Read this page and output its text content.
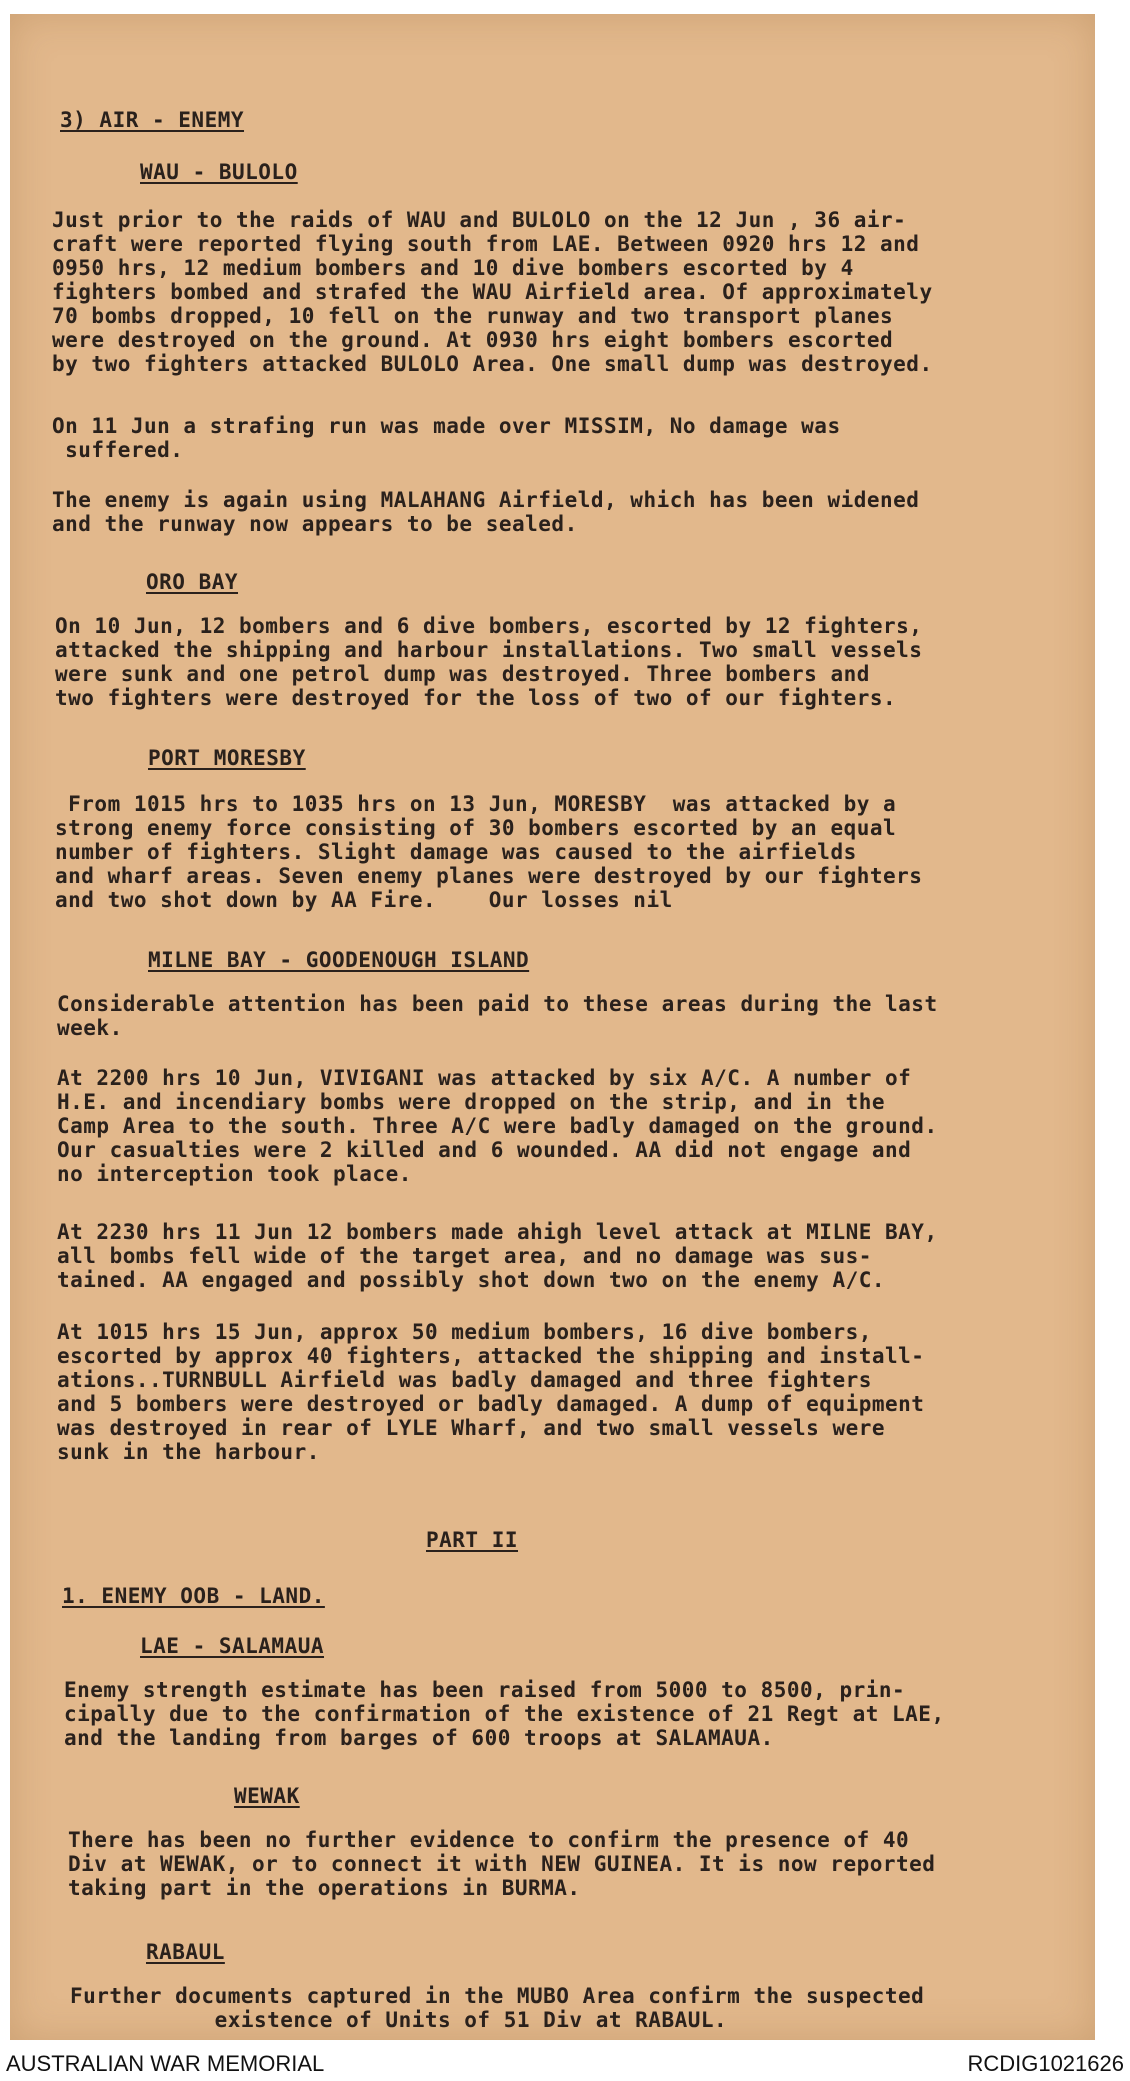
3) AIR - ENEMY
WAU - BULOLO
Just prior to the raids of WAU and BULOLO on the 12 Jun , 36 air-
craft were reported flying south from LAE. Between 0920 hrs 12 and
0950 hrs, 12 medium bombers and 10 dive bombers escorted by 4
fighters bombed and strafed the WAU Airfield area. Of approximately
70 bombs dropped, 10 fell on the runway and two transport planes
were destroyed on the ground. At 0930 hrs eight bombers escorted
by two fighters attacked BULOLO Area. One small dump was destroyed.
On 11 Jun a strafing run was made over MISSIM, No damage was
suffered.
The enemy is again using MALAHANG Airfield, which has been widened
and the runway now appears to be sealed.
ORO BAY
On 10 Jun, 12 bombers and 6 dive bombers, escorted by 12 fighters,
attacked the shipping and harbour installations. Two small vessels
were sunk and one petrol dump was destroyed. Three bombers and
two fighters were destroyed for the loss of two of our fighters.
PORT MORESBY
From 1015 hrs to 1035 hrs on 13 Jun, MORESBY  was attacked by a
strong enemy force consisting of 30 bombers escorted by an equal
number of fighters. Slight damage was caused to the airfields
and wharf areas. Seven enemy planes were destroyed by our fighters
and two shot down by AA Fire.    Our losses nil
MILNE BAY - GOODENOUGH ISLAND
Considerable attention has been paid to these areas during the last
week.
At 2200 hrs 10 Jun, VIVIGANI was attacked by six A/C. A number of
H.E. and incendiary bombs were dropped on the strip, and in the
Camp Area to the south. Three A/C were badly damaged on the ground.
Our casualties were 2 killed and 6 wounded. AA did not engage and
no interception took place.
At 2230 hrs 11 Jun 12 bombers made ahigh level attack at MILNE BAY,
all bombs fell wide of the target area, and no damage was sus-
tained. AA engaged and possibly shot down two on the enemy A/C.
At 1015 hrs 15 Jun, approx 50 medium bombers, 16 dive bombers,
escorted by approx 40 fighters, attacked the shipping and install-
ations..TURNBULL Airfield was badly damaged and three fighters
and 5 bombers were destroyed or badly damaged. A dump of equipment
was destroyed in rear of LYLE Wharf, and two small vessels were
sunk in the harbour.
PART II
1. ENEMY OOB - LAND.
LAE - SALAMAUA
Enemy strength estimate has been raised from 5000 to 8500, prin-
cipally due to the confirmation of the existence of 21 Regt at LAE,
and the landing from barges of 600 troops at SALAMAUA.
WEWAK
There has been no further evidence to confirm the presence of 40
Div at WEWAK, or to connect it with NEW GUINEA. It is now reported
taking part in the operations in BURMA.
RABAUL
Further documents captured in the MUBO Area confirm the suspected
existence of Units of 51 Div at RABAUL.
AUSTRALIAN WAR MEMORIAL	RCDIG1021626
